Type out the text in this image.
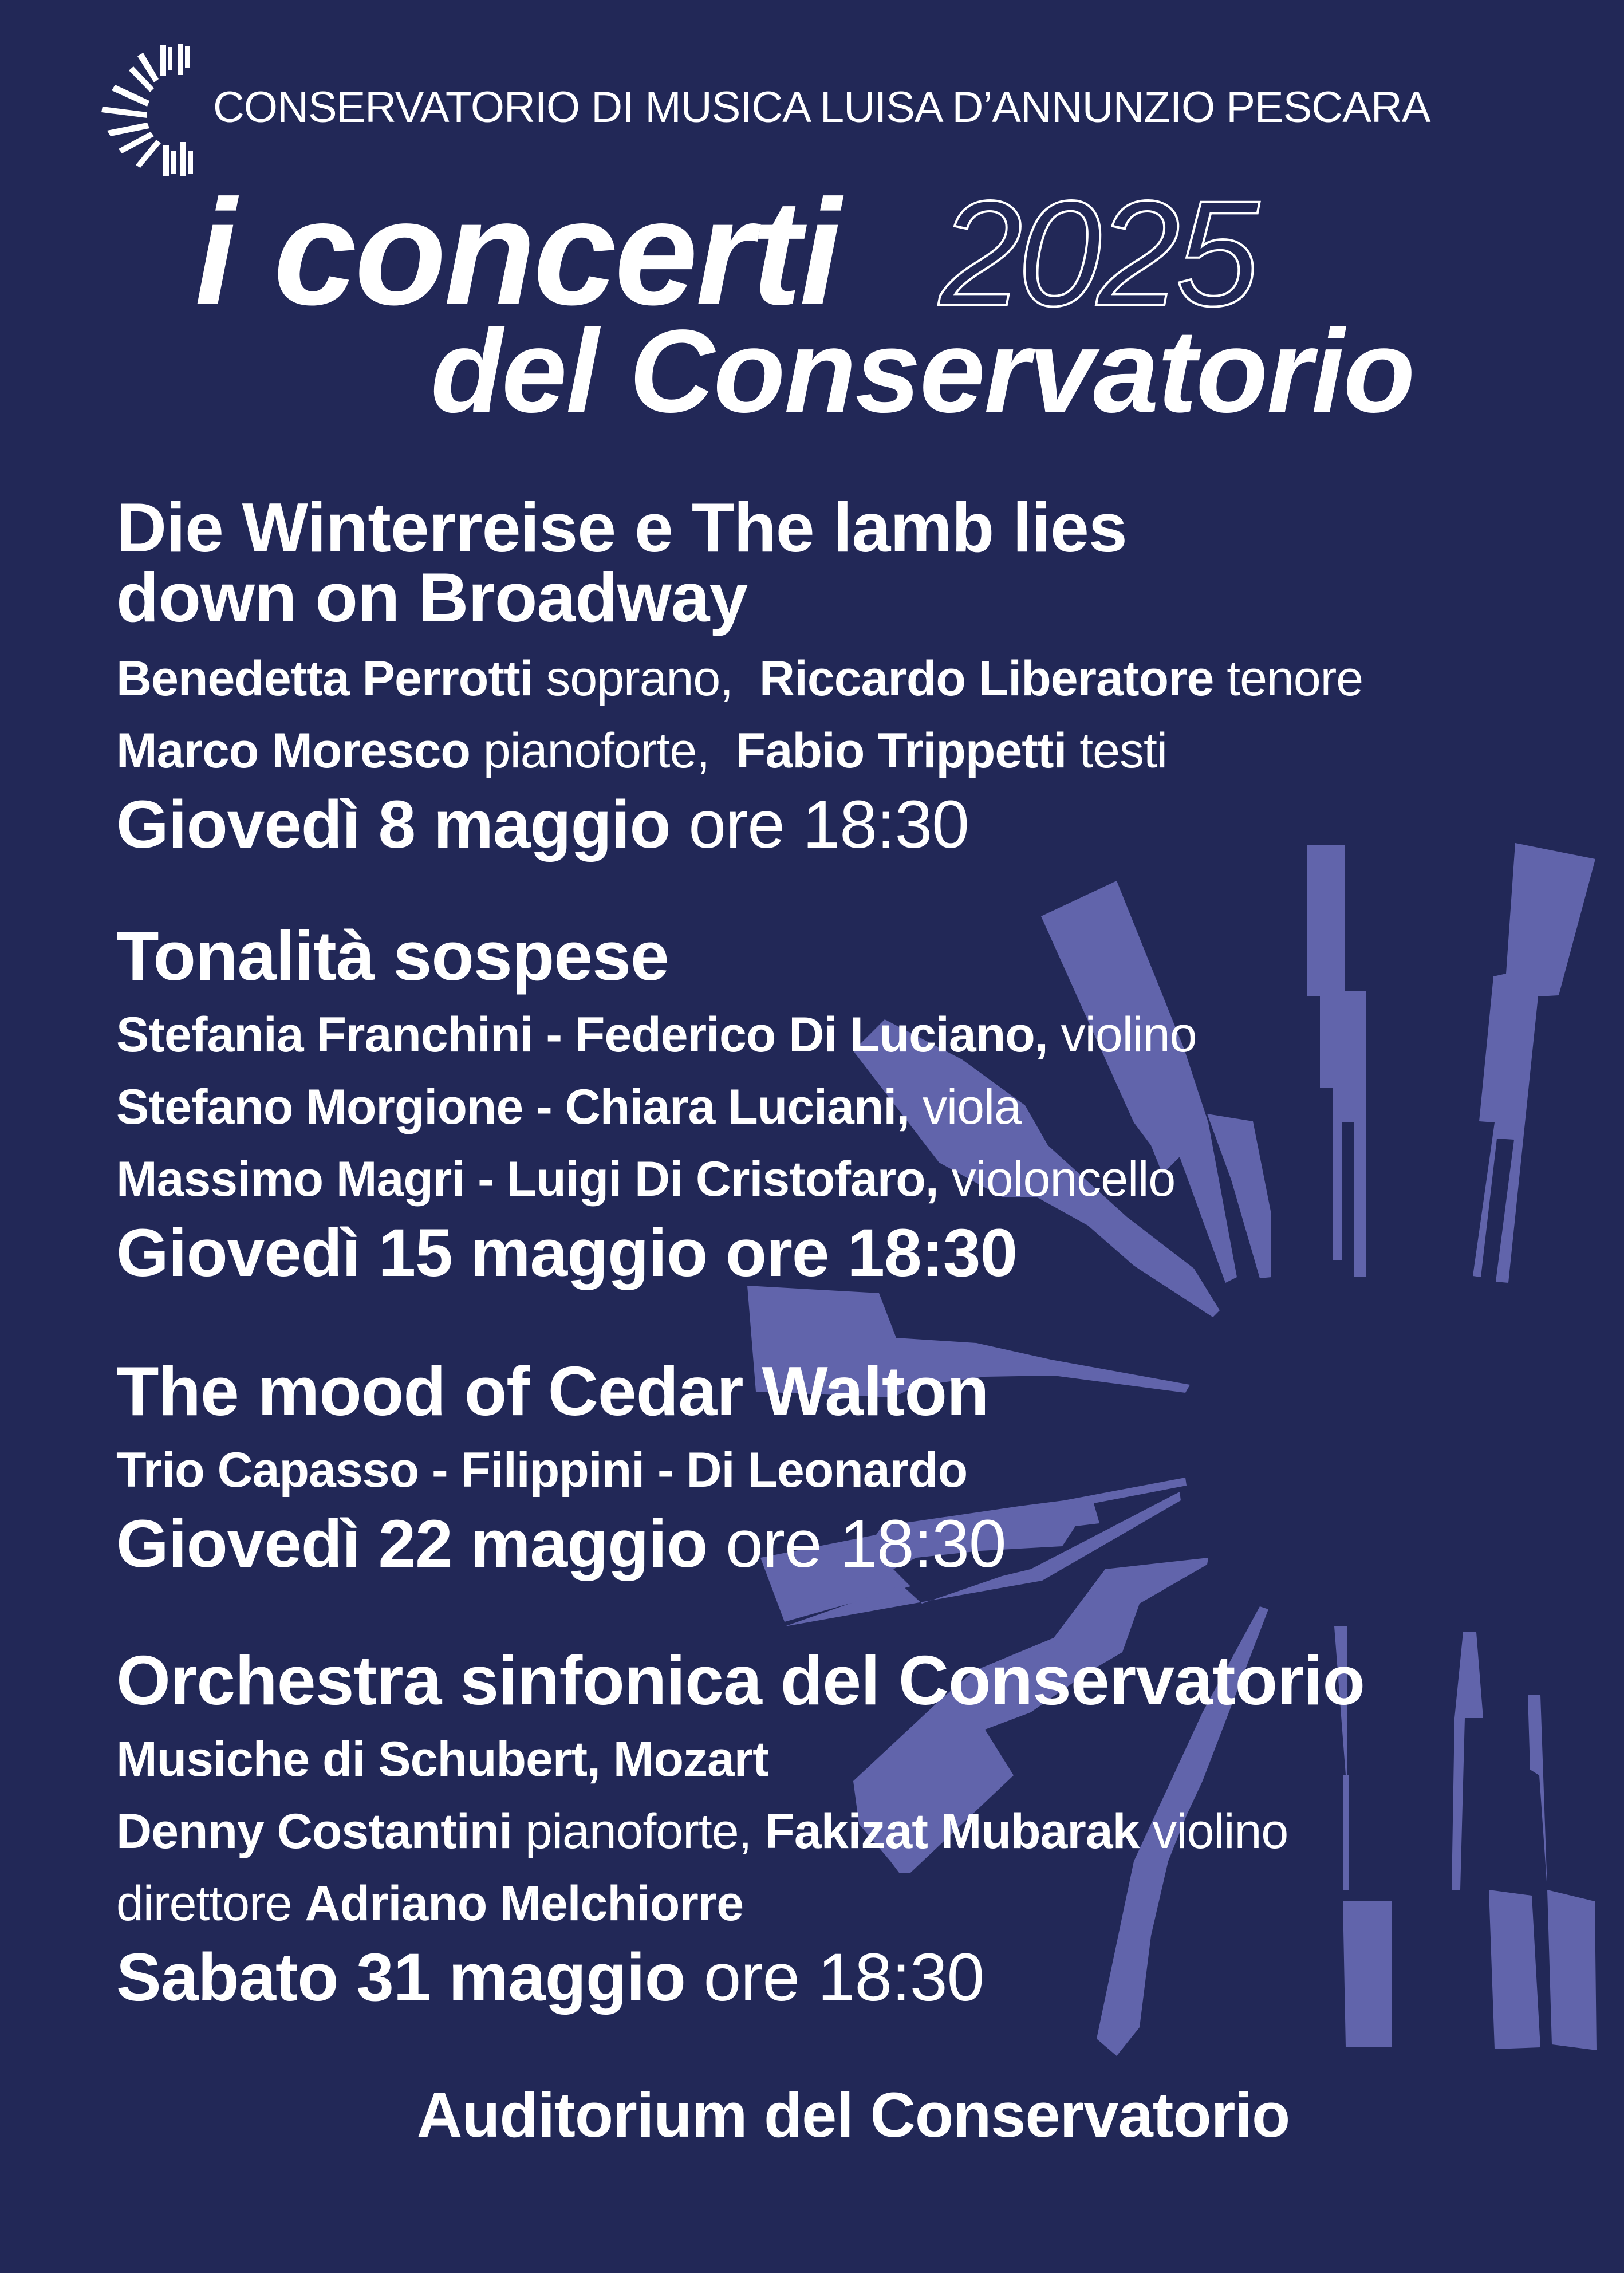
CONSERVATORIO DI MUSICA LUISA D’ANNUNZIO PESCARA
i concerti 2025
del Conservatorio
Die Winterreise e The lamb lies
down on Broadway
Benedetta Perrotti soprano,  Riccardo Liberatore tenore
Marco Moresco pianoforte,  Fabio Trippetti testi
Giovedì 8 maggio ore 18:30
Tonalità sospese
Stefania Franchini - Federico Di Luciano, violino
Stefano Morgione - Chiara Luciani, viola
Massimo Magri - Luigi Di Cristofaro, violoncello
Giovedì 15 maggio ore 18:30
The mood of Cedar Walton
Trio Capasso - Filippini - Di Leonardo
Giovedì 22 maggio ore 18:30
Orchestra sinfonica del Conservatorio
Musiche di Schubert, Mozart
Denny Costantini pianoforte, Fakizat Mubarak violino
direttore Adriano Melchiorre
Sabato 31 maggio ore 18:30
Auditorium del Conservatorio
